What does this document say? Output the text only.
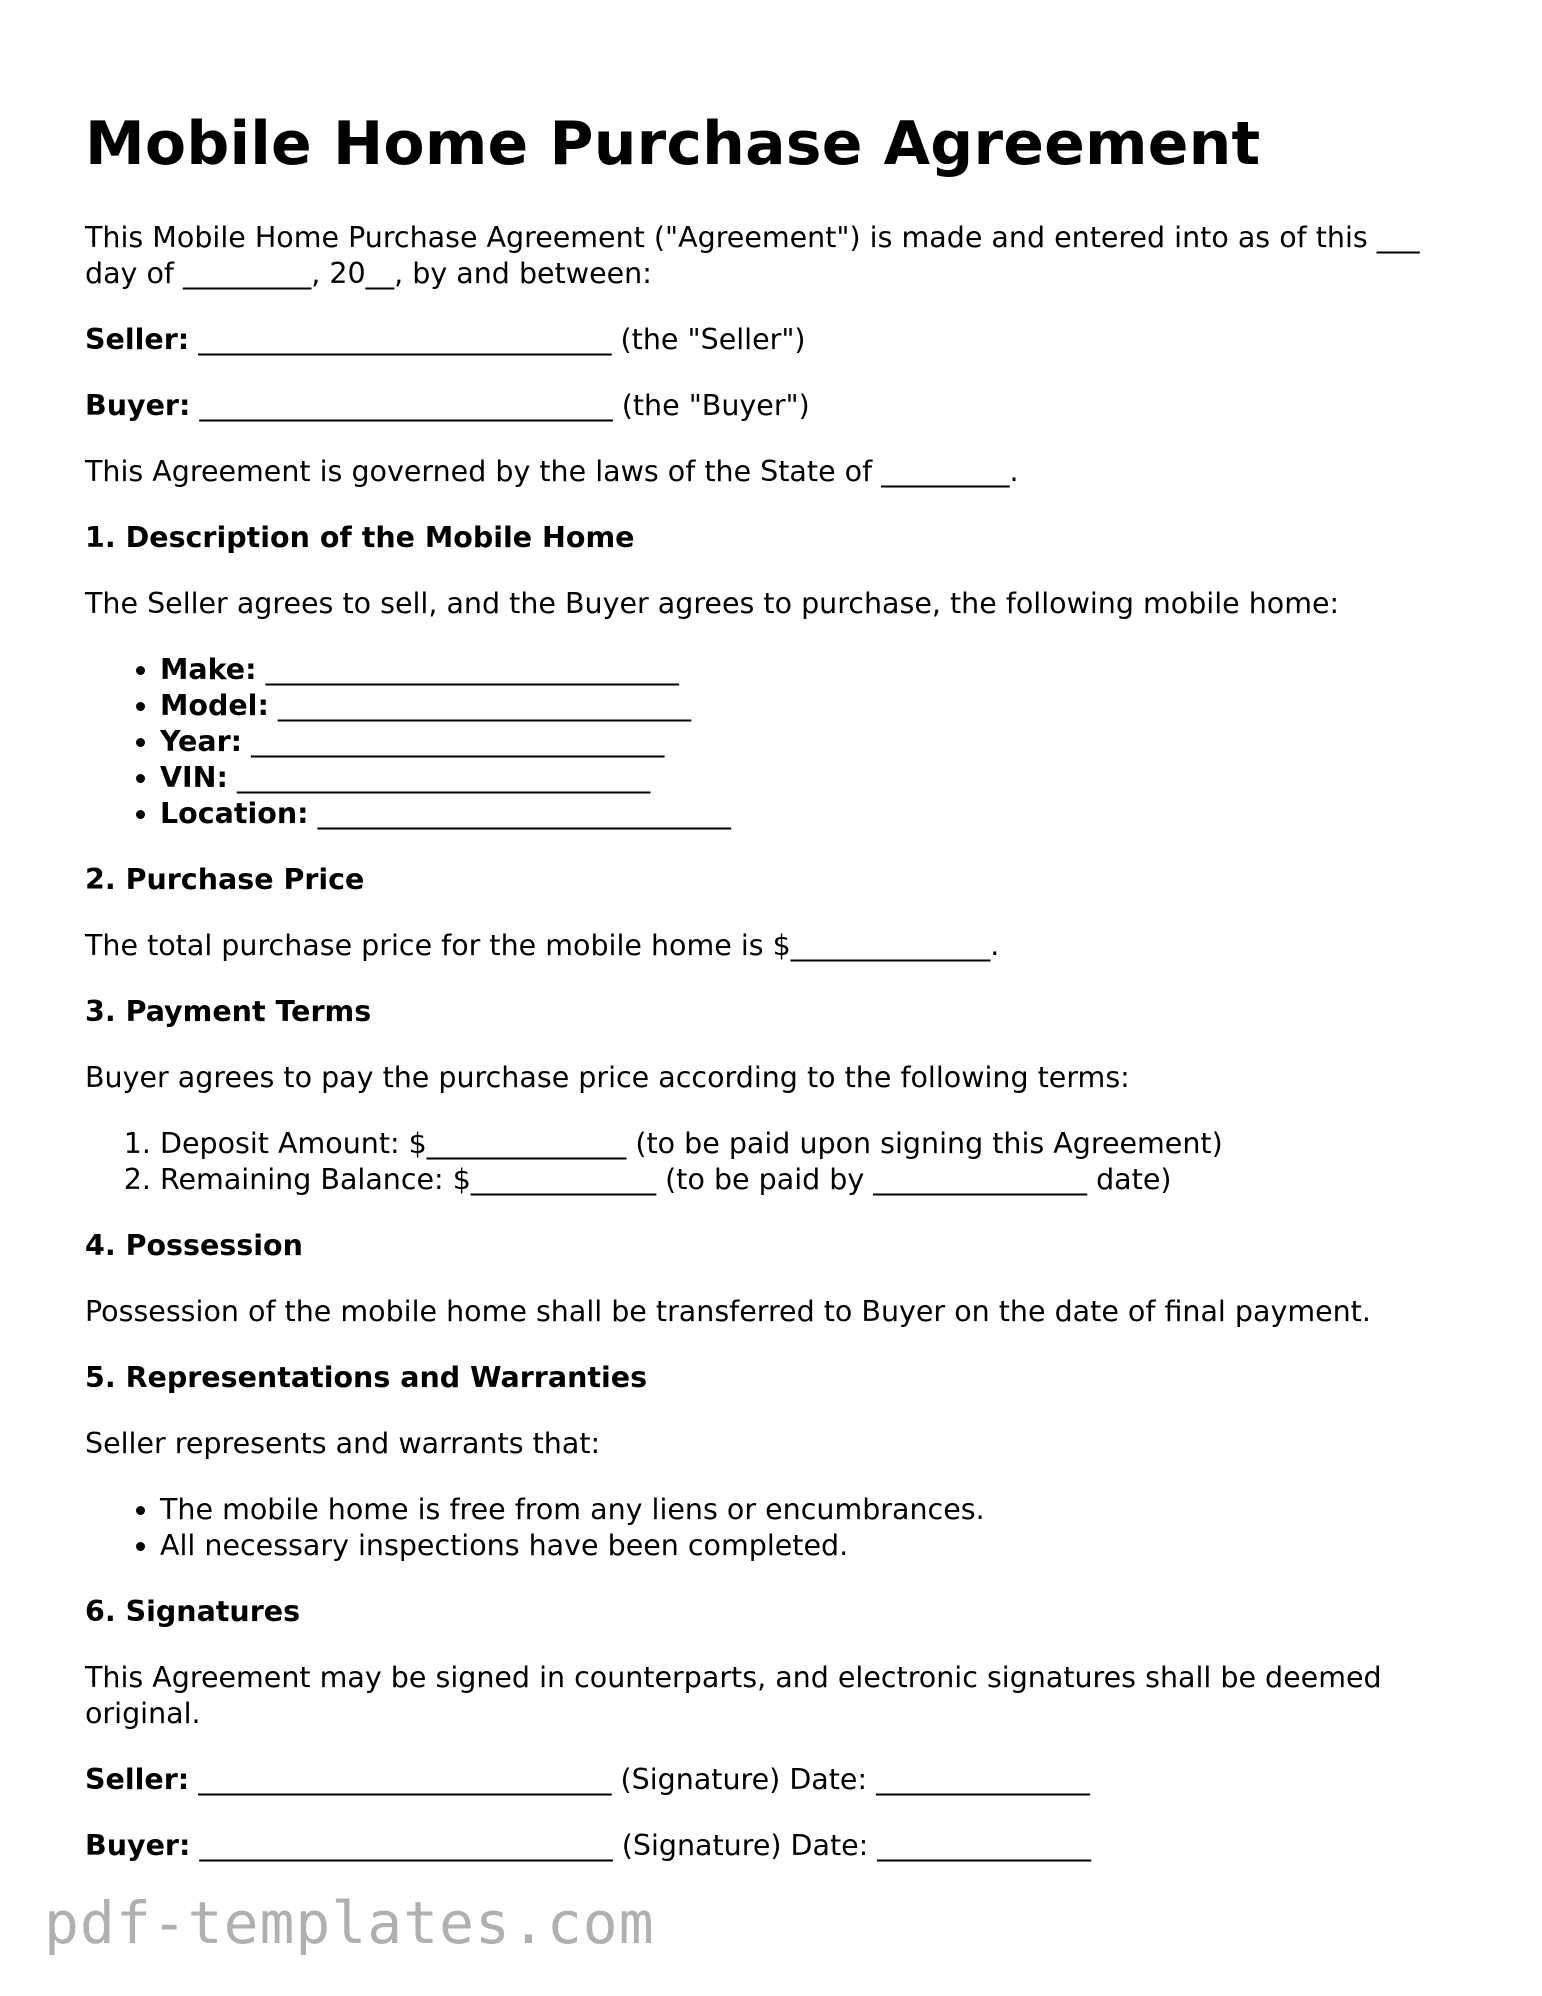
Mobile Home Purchase Agreement

This Mobile Home Purchase Agreement ("Agreement") is made and entered into as of this ___ day of _________, 20__, by and between:

Seller: _____________________________ (the "Seller")

Buyer: _____________________________ (the "Buyer")

This Agreement is governed by the laws of the State of _________.

1. Description of the Mobile Home

The Seller agrees to sell, and the Buyer agrees to purchase, the following mobile home:

• Make: _____________________________
• Model: _____________________________
• Year: _____________________________
• VIN: _____________________________
• Location: _____________________________
2. Purchase Price

The total purchase price for the mobile home is $______________.

3. Payment Terms

Buyer agrees to pay the purchase price according to the following terms:

1. Deposit Amount: $______________ (to be paid upon signing this Agreement)
2. Remaining Balance: $_____________ (to be paid by _______________ date)
4. Possession

Possession of the mobile home shall be transferred to Buyer on the date of final payment.

5. Representations and Warranties

Seller represents and warrants that:

• The mobile home is free from any liens or encumbrances.
• All necessary inspections have been completed.
6. Signatures

This Agreement may be signed in counterparts, and electronic signatures shall be deemed original.

Seller: _____________________________ (Signature) Date: _______________

Buyer: _____________________________ (Signature) Date: _______________

pdf-templates.com
